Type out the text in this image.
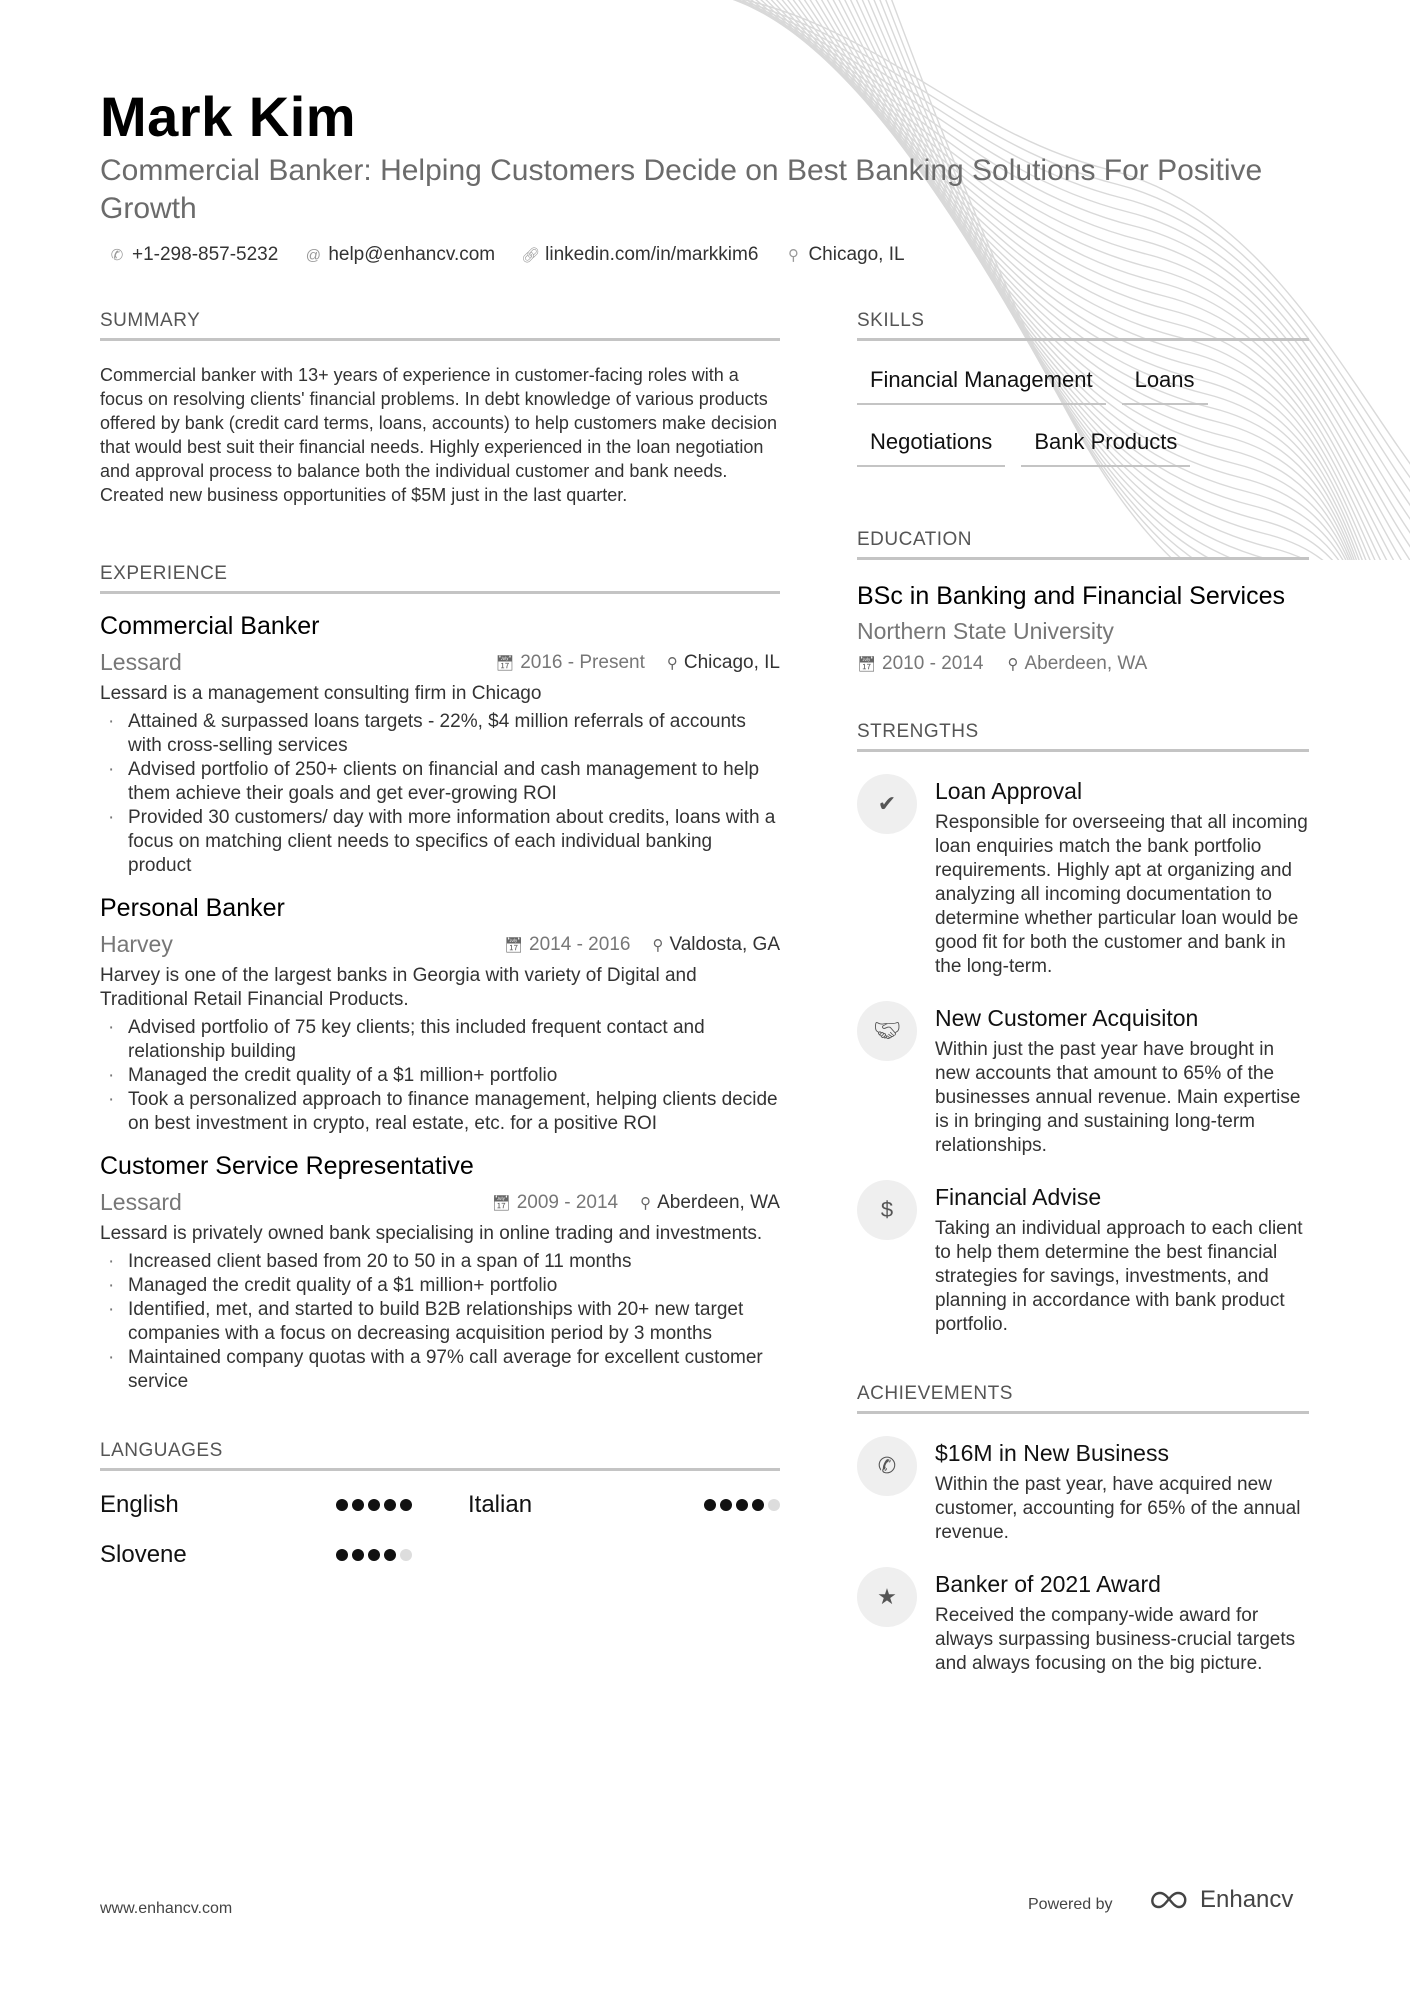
Mark Kim
Commercial Banker: Helping Customers Decide on Best Banking Solutions For Positive Growth
✆ +1-298-857-5232 @ help@enhancv.com 🔗︎ linkedin.com/in/markkim6 ⚲ Chicago, IL
SUMMARY
Commercial banker with 13+ years of experience in customer-facing roles with a focus on resolving clients' financial problems. In debt knowledge of various products offered by bank (credit card terms, loans, accounts) to help customers make decision that would best suit their financial needs. Highly experienced in the loan negotiation and approval process to balance both the individual customer and bank needs. Created new business opportunities of $5M just in the last quarter.
EXPERIENCE
Commercial Banker
Lessard	📅︎ 2016 - Present ⚲ Chicago, IL
Lessard is a management consulting firm in Chicago
· Attained & surpassed loans targets - 22%, $4 million referrals of accounts with cross-selling services
· Advised portfolio of 250+ clients on financial and cash management to help them achieve their goals and get ever-growing ROI
· Provided 30 customers/ day with more information about credits, loans with a focus on matching client needs to specifics of each individual banking product
Personal Banker
Harvey	📅︎ 2014 - 2016 ⚲ Valdosta, GA
Harvey is one of the largest banks in Georgia with variety of Digital and Traditional Retail Financial Products.
· Advised portfolio of 75 key clients; this included frequent contact and relationship building
· Managed the credit quality of a $1 million+ portfolio
· Took a personalized approach to finance management, helping clients decide on best investment in crypto, real estate, etc. for a positive ROI
Customer Service Representative
Lessard	📅︎ 2009 - 2014 ⚲ Aberdeen, WA
Lessard is privately owned bank specialising in online trading and investments.
· Increased client based from 20 to 50 in a span of 11 months
· Managed the credit quality of a $1 million+ portfolio
· Identified, met, and started to build B2B relationships with 20+ new target companies with a focus on decreasing acquisition period by 3 months
· Maintained company quotas with a 97% call average for excellent customer service
LANGUAGES
English	Italian
Slovene
SKILLS
Financial Management	Loans
Negotiations	Bank Products
EDUCATION
BSc in Banking and Financial Services
Northern State University
📅︎ 2010 - 2014 ⚲ Aberdeen, WA
STRENGTHS
✔	Loan Approval
Responsible for overseeing that all incoming loan enquiries match the bank portfolio requirements. Highly apt at organizing and analyzing all incoming documentation to determine whether particular loan would be good fit for both the customer and bank in the long-term.
🤝︎	New Customer Acquisiton
Within just the past year have brought in new accounts that amount to 65% of the businesses annual revenue. Main expertise is in bringing and sustaining long-term relationships.
$	Financial Advise
Taking an individual approach to each client to help them determine the best financial strategies for savings, investments, and planning in accordance with bank product portfolio.
ACHIEVEMENTS
✆	$16M in New Business
Within the past year, have acquired new customer, accounting for 65% of the annual revenue.
★	Banker of 2021 Award
Received the company-wide award for always surpassing business-crucial targets and always focusing on the big picture.
www.enhancv.com	Powered by	Enhancv
